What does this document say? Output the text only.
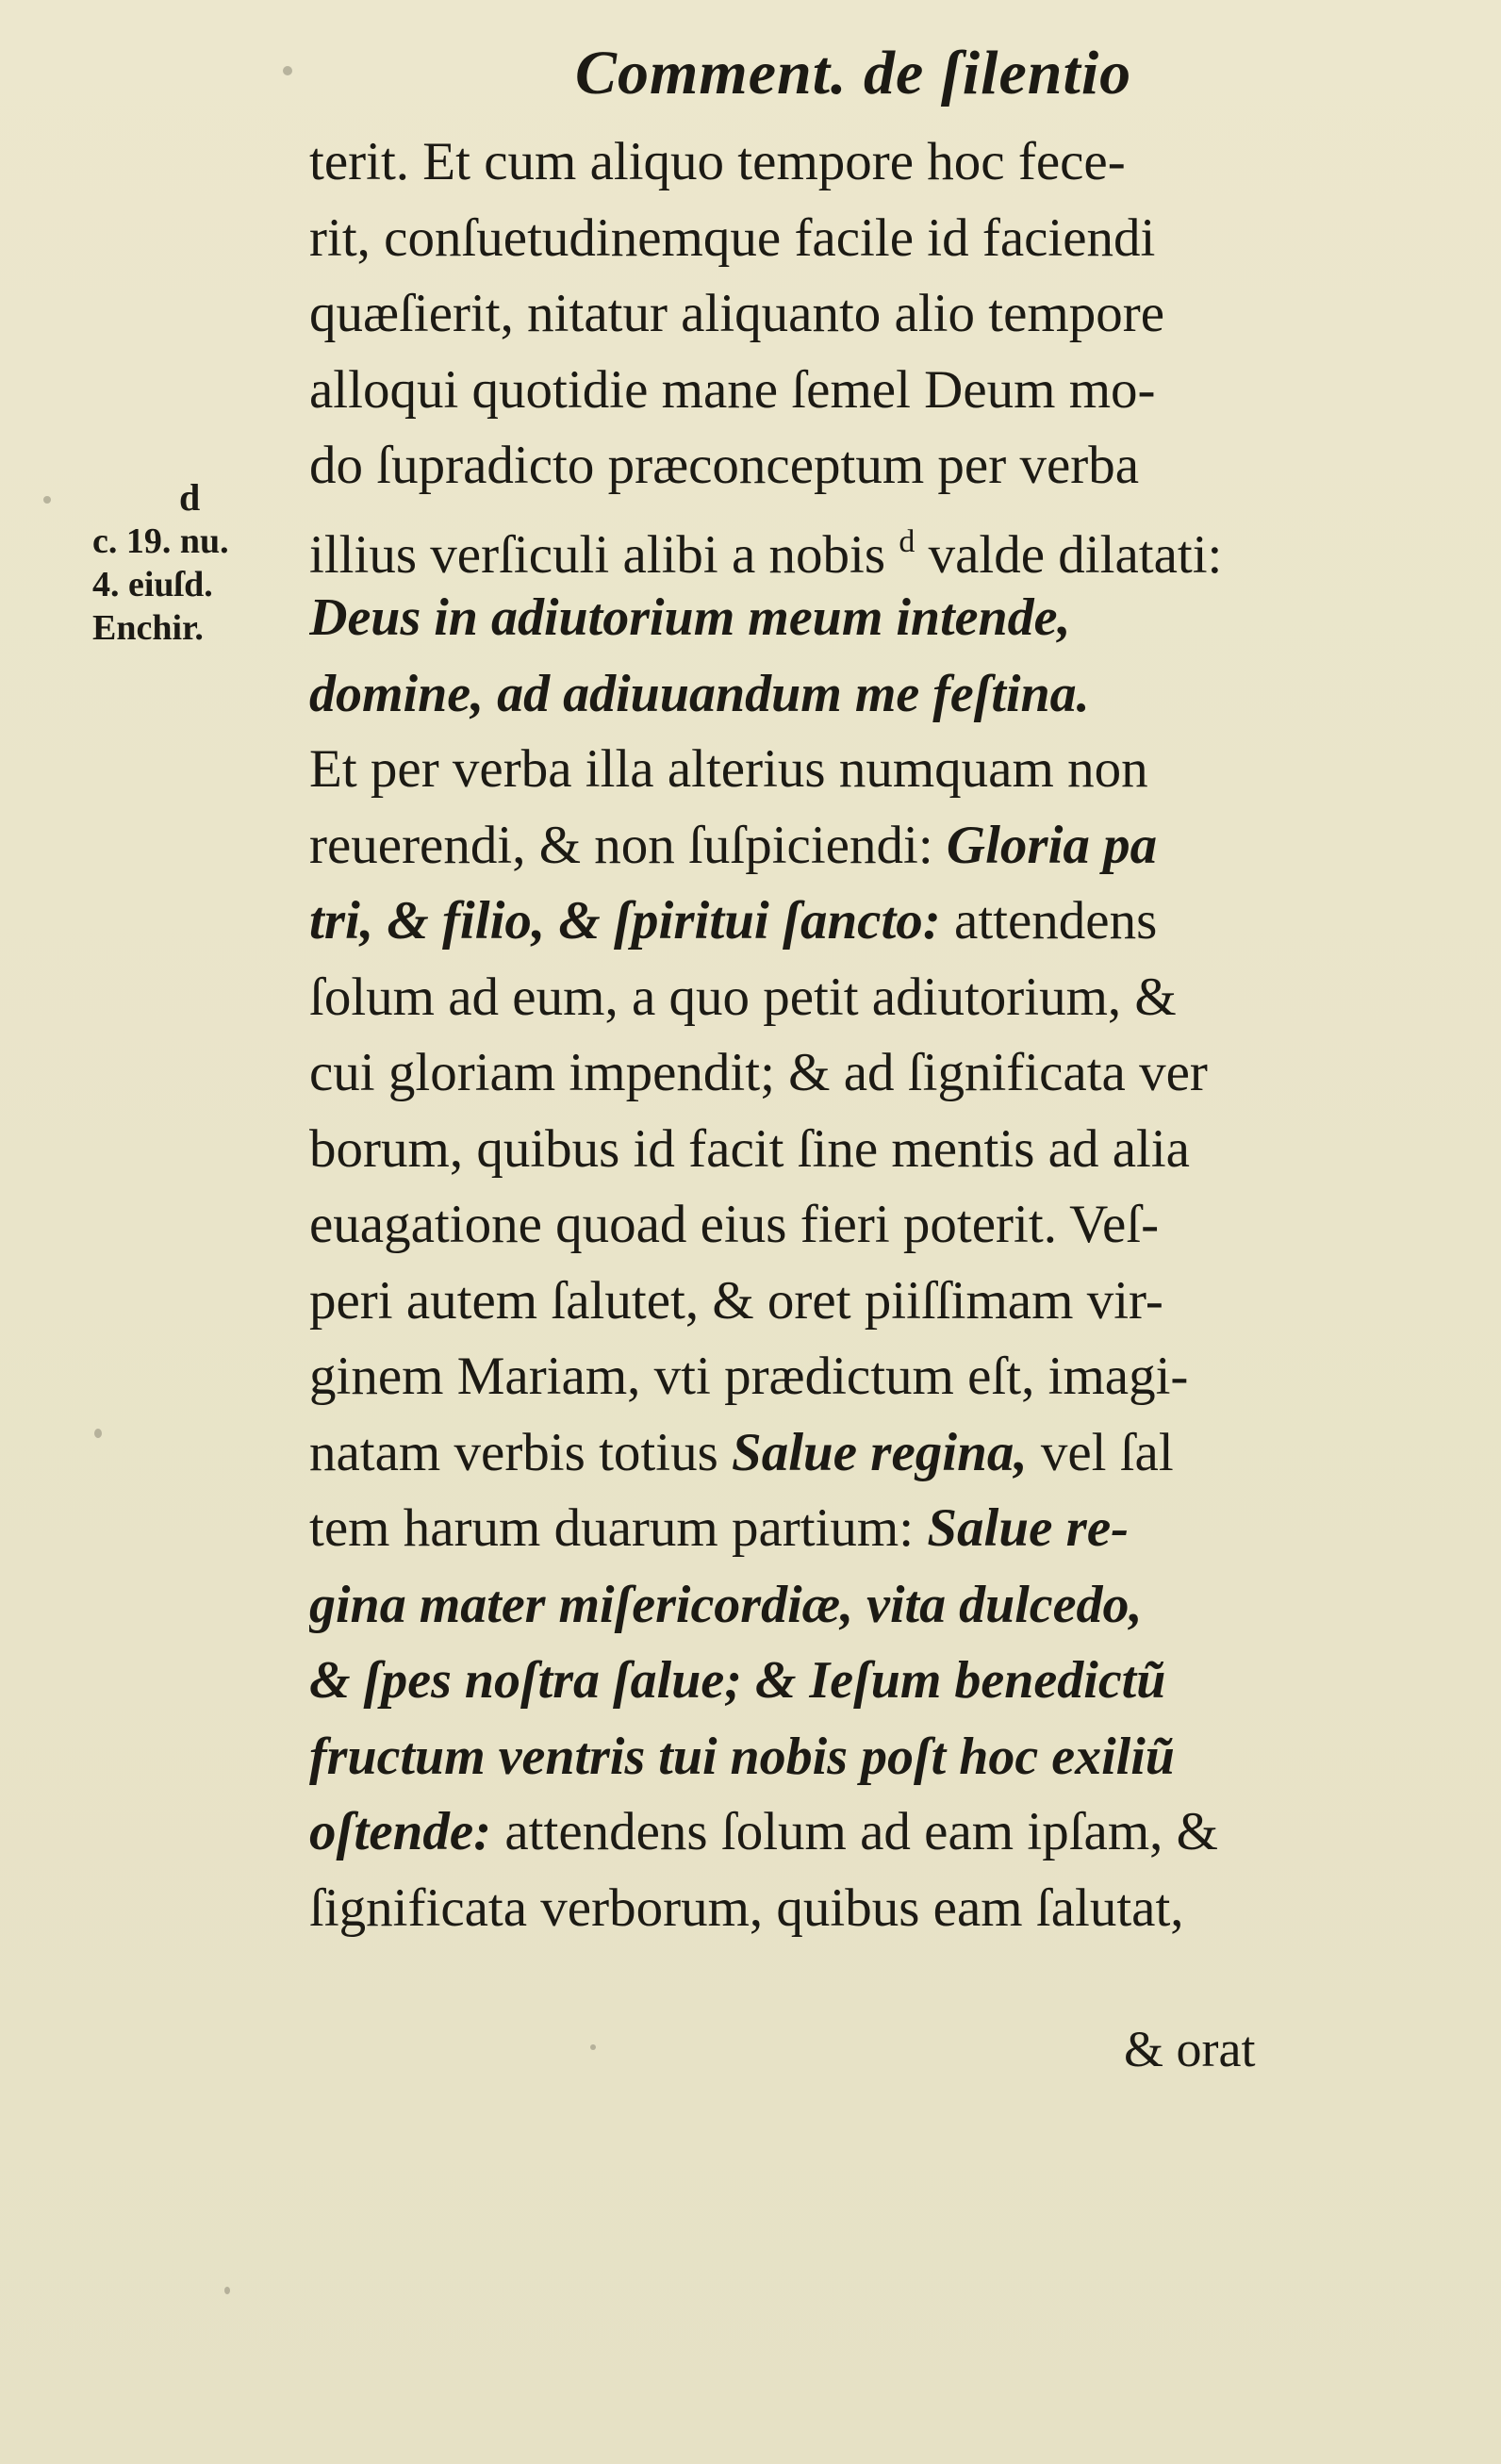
Comment. de ſilentio
d
c. 19. nu.
4. eiuſd.
Enchir.
terit. Et cum aliquo tempore hoc fece-
rit, conſuetudinemque facile id faciendi
quæſierit, nitatur aliquanto alio tempore
alloqui quotidie mane ſemel Deum mo-
do ſupradicto præconceptum per verba
illius verſiculi alibi a nobis $^d$ valde dilatati:
Deus in adiutorium meum intende,
domine, ad adiuuandum me feſtina.
Et per verba illa alterius numquam non
reuerendi, & non ſuſpiciendi: Gloria pa
tri, & filio, & ſpiritui ſancto: attendens
ſolum ad eum, a quo petit adiutorium, &
cui gloriam impendit; & ad ſignificata ver
borum, quibus id facit ſine mentis ad alia
euagatione quoad eius fieri poterit. Veſ-
peri autem ſalutet, & oret piiſſimam vir-
ginem Mariam, vti prædictum eſt, imagi-
natam verbis totius Salue regina, vel ſal
tem harum duarum partium: Salue re-
gina mater miſericordiæ, vita dulcedo,
& ſpes noſtra ſalue; & Ieſum benedictũ
fructum ventris tui nobis poſt hoc exiliũ
oſtende: attendens ſolum ad eam ipſam, &
ſignificata verborum, quibus eam ſalutat,
& orat
